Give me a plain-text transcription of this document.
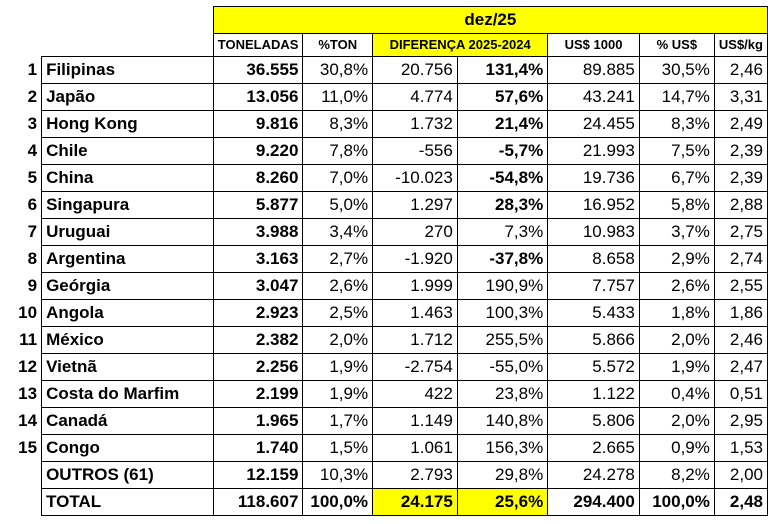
		dez/25						
		TONELADAS	%TON	DIFERENÇA 2025-2024		US$ 1000	% US$	US$/kg
1	Filipinas	36.555	30,8%	20.756	131,4%	89.885	30,5%	2,46
2	Japão	13.056	11,0%	4.774	57,6%	43.241	14,7%	3,31
3	Hong Kong	9.816	8,3%	1.732	21,4%	24.455	8,3%	2,49
4	Chile	9.220	7,8%	-556	-5,7%	21.993	7,5%	2,39
5	China	8.260	7,0%	-10.023	-54,8%	19.736	6,7%	2,39
6	Singapura	5.877	5,0%	1.297	28,3%	16.952	5,8%	2,88
7	Uruguai	3.988	3,4%	270	7,3%	10.983	3,7%	2,75
8	Argentina	3.163	2,7%	-1.920	-37,8%	8.658	2,9%	2,74
9	Geórgia	3.047	2,6%	1.999	190,9%	7.757	2,6%	2,55
10	Angola	2.923	2,5%	1.463	100,3%	5.433	1,8%	1,86
11	México	2.382	2,0%	1.712	255,5%	5.866	2,0%	2,46
12	Vietnã	2.256	1,9%	-2.754	-55,0%	5.572	1,9%	2,47
13	Costa do Marfim	2.199	1,9%	422	23,8%	1.122	0,4%	0,51
14	Canadá	1.965	1,7%	1.149	140,8%	5.806	2,0%	2,95
15	Congo	1.740	1,5%	1.061	156,3%	2.665	0,9%	1,53
	OUTROS (61)	12.159	10,3%	2.793	29,8%	24.278	8,2%	2,00
	TOTAL	118.607	100,0%	24.175	25,6%	294.400	100,0%	2,48
